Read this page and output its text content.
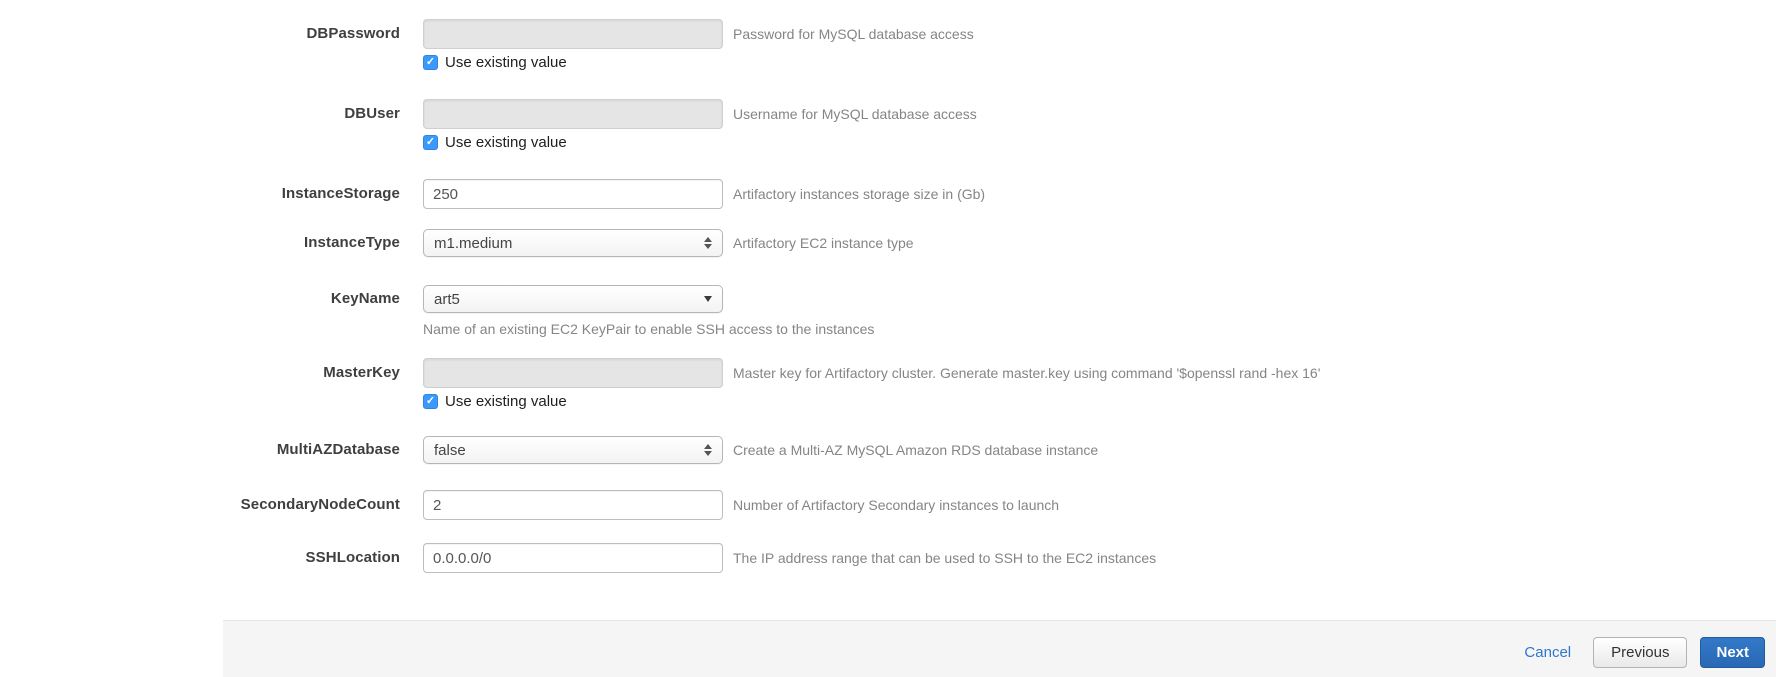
DBPassword
✓ Use existing value
Password for MySQL database access
DBUser
✓ Use existing value
Username for MySQL database access
InstanceStorage
250	Artifactory instances storage size in (Gb)
InstanceType m1.medium	Artifactory EC2 instance type
KeyName art5
Name of an existing EC2 KeyPair to enable SSH access to the instances
MasterKey
✓ Use existing value
Master key for Artifactory cluster. Generate master.key using command '$openssl rand -hex 16'
MultiAZDatabase false	Create a Multi-AZ MySQL Amazon RDS database instance
SecondaryNodeCount
2	Number of Artifactory Secondary instances to launch
SSHLocation
0.0.0.0/0	The IP address range that can be used to SSH to the EC2 instances
Cancel	Previous	Next
